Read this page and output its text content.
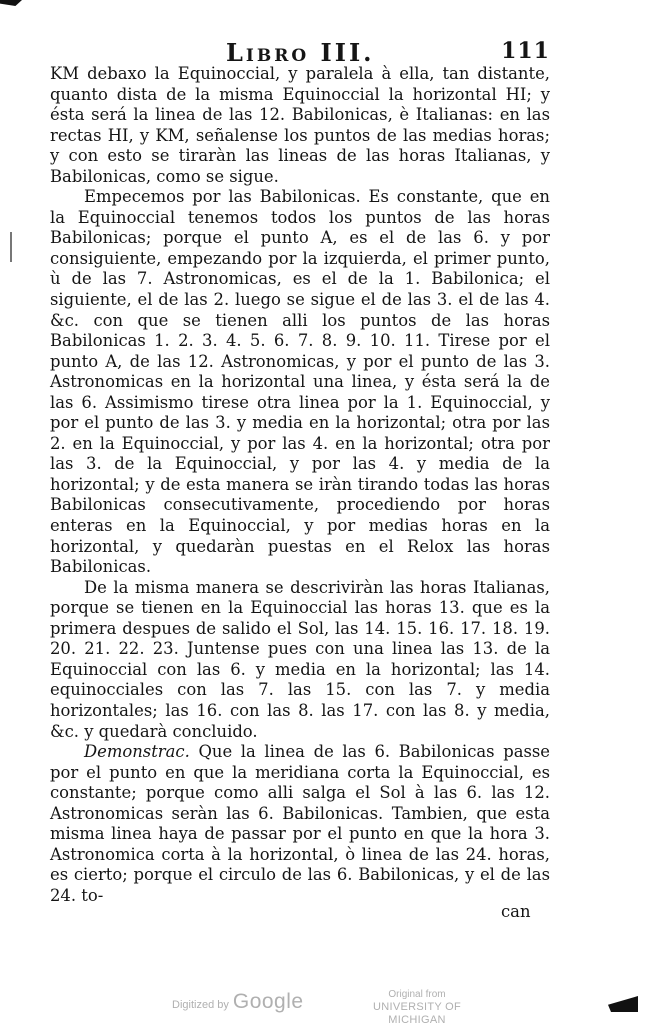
Libro III.	111

KM debaxo la Equinoccial, y paralela à ella, tan distante, quanto dista de la misma Equinoccial la horizontal HI; y ésta será la linea de las 12. Babilonicas, è Italianas: en las rectas HI, y KM, señalense los puntos de las medias horas; y con esto se tiraràn las lineas de las horas Italianas, y Babilonicas, como se sigue.

Empecemos por las Babilonicas. Es constante, que en la Equinoccial tenemos todos los puntos de las horas Babilonicas; porque el punto A, es el de las 6. y por consiguiente, empezando por la izquierda, el primer punto, ù de las 7. Astronomicas, es el de la 1. Babilonica; el siguiente, el de las 2. luego se sigue el de las 3. el de las 4. &c. con que se tienen alli los puntos de las horas Babilonicas 1. 2. 3. 4. 5. 6. 7. 8. 9. 10. 11. Tirese por el punto A, de las 12. Astronomicas, y por el punto de las 3. Astronomicas en la horizontal una linea, y ésta será la de las 6. Assimismo tirese otra linea por la 1. Equinoccial, y por el punto de las 3. y media en la horizontal; otra por las 2. en la Equinoccial, y por las 4. en la horizontal; otra por las 3. de la Equinoccial, y por las 4. y media de la horizontal; y de esta manera se iràn tirando todas las horas Babilonicas consecutivamente, procediendo por horas enteras en la Equinoccial, y por medias horas en la horizontal, y quedaràn puestas en el Relox las horas Babilonicas.

De la misma manera se descriviràn las horas Italianas, porque se tienen en la Equinoccial las horas 13. que es la primera despues de salido el Sol, las 14. 15. 16. 17. 18. 19. 20. 21. 22. 23. Juntense pues con una linea las 13. de la Equinoccial con las 6. y media en la horizontal; las 14. equinocciales con las 7. las 15. con las 7. y media horizontales; las 16. con las 8. las 17. con las 8. y media, &c. y quedarà concluido.

Demonstrac. Que la linea de las 6. Babilonicas passe por el punto en que la meridiana corta la Equinoccial, es constante; porque como alli salga el Sol à las 6. las 12. Astronomicas seràn las 6. Babilonicas. Tambien, que esta misma linea haya de passar por el punto en que la hora 3. Astronomica corta à la horizontal, ò linea de las 24. horas, es cierto; porque el circulo de las 6. Babilonicas, y el de las 24. to-

can
Digitized by Google	Original from
UNIVERSITY OF MICHIGAN
